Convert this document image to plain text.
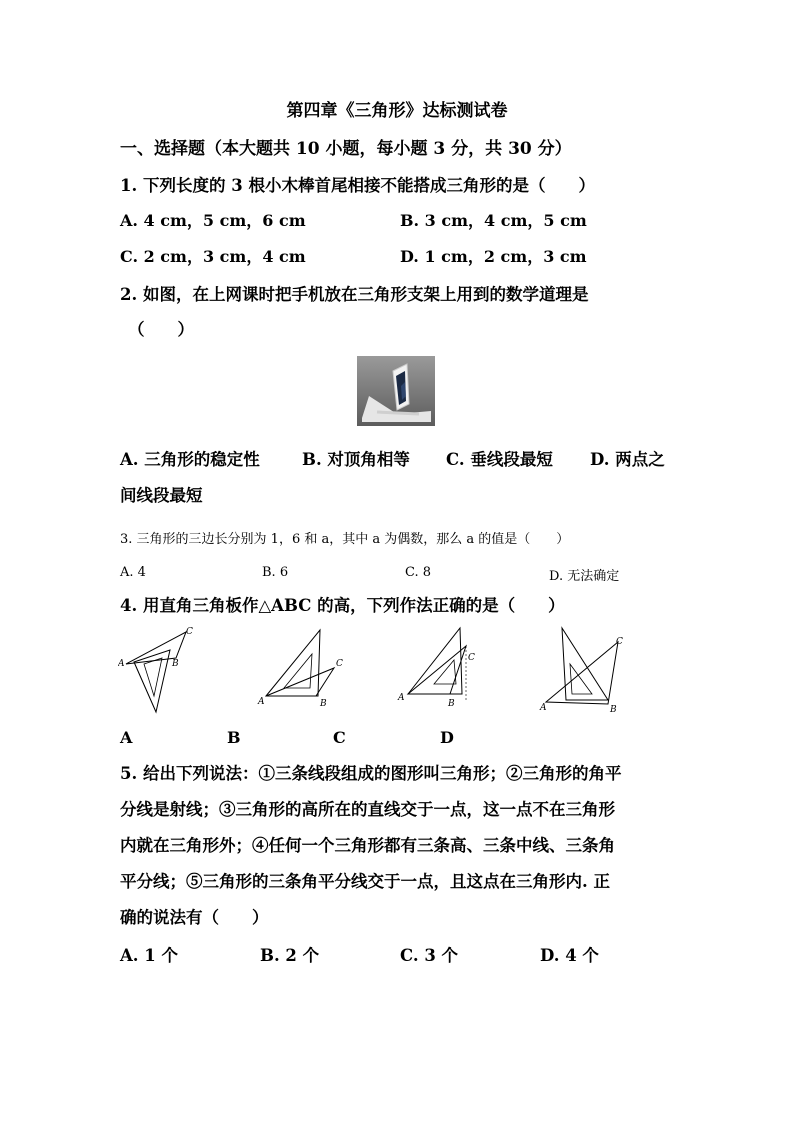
第四章《三角形》达标测试卷
一、选择题（本大题共 10 小题，每小题 3 分，共 30 分）
1. 下列长度的 3 根小木棒首尾相接不能搭成三角形的是（　　）
A. 4 cm，5 cm，6 cm	B. 3 cm，4 cm，5 cm
C. 2 cm，3 cm，4 cm	D. 1 cm，2 cm，3 cm
2. 如图，在上网课时把手机放在三角形支架上用到的数学道理是
（　　）
A. 三角形的稳定性	B. 对顶角相等 C. 垂线段最短 D. 两点之
间线段最短
3. 三角形的三边长分别为 1，6 和 a，其中 a 为偶数，那么 a 的值是（　　）
A. 4	B. 6	C. 8	D. 无法确定
4. 用直角三角板作△ABC 的高，下列作法正确的是（　　）
A
C
B
A
C
B
A
C
B	A
C
B
A	B	C	D
5. 给出下列说法：①三条线段组成的图形叫三角形；②三角形的角平
分线是射线；③三角形的高所在的直线交于一点，这一点不在三角形
内就在三角形外；④任何一个三角形都有三条高、三条中线、三条角
平分线；⑤三角形的三条角平分线交于一点，且这点在三角形内. 正
确的说法有（　　）
A. 1 个	B. 2 个	C. 3 个	D. 4 个
